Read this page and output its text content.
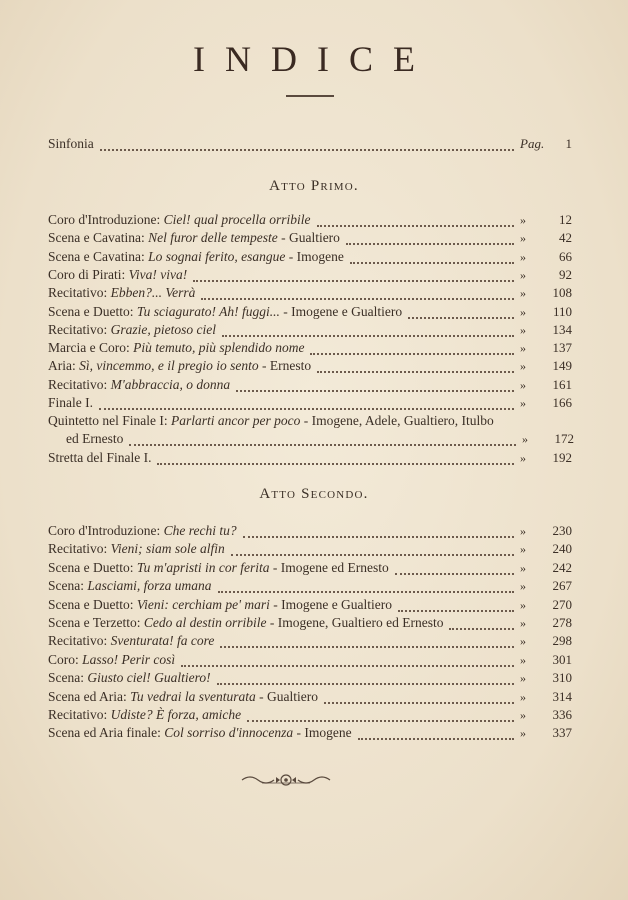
INDICE
Sinfonia	Pag.	1
Atto Primo.
Coro d'Introduzione: Ciel! qual procella orribile	»	12
Scena e Cavatina: Nel furor delle tempeste - Gualtiero	»	42
Scena e Cavatina: Lo sognai ferito, esangue - Imogene	»	66
Coro di Pirati: Viva! viva!	»	92
Recitativo: Ebben?... Verrà	»	108
Scena e Duetto: Tu sciagurato! Ah! fuggi... - Imogene e Gualtiero	»	110
Recitativo: Grazie, pietoso ciel	»	134
Marcia e Coro: Più temuto, più splendido nome	»	137
Aria: Sì, vincemmo, e il pregio io sento - Ernesto	»	149
Recitativo: M'abbraccia, o donna	»	161
Finale I.	»	166
Quintetto nel Finale I: Parlarti ancor per poco - Imogene, Adele, Gualtiero, Itulbo
ed Ernesto	»	172
Stretta del Finale I.	»	192
Atto Secondo.
Coro d'Introduzione: Che rechi tu?	»	230
Recitativo: Vieni; siam sole alfin	»	240
Scena e Duetto: Tu m'apristi in cor ferita - Imogene ed Ernesto	»	242
Scena: Lasciami, forza umana	»	267
Scena e Duetto: Vieni: cerchiam pe' mari - Imogene e Gualtiero	»	270
Scena e Terzetto: Cedo al destin orribile - Imogene, Gualtiero ed Ernesto	»	278
Recitativo: Sventurata! fa core	»	298
Coro: Lasso! Perir così	»	301
Scena: Giusto ciel! Gualtiero!	»	310
Scena ed Aria: Tu vedrai la sventurata - Gualtiero	»	314
Recitativo: Udiste? È forza, amiche	»	336
Scena ed Aria finale: Col sorriso d'innocenza - Imogene	»	337
